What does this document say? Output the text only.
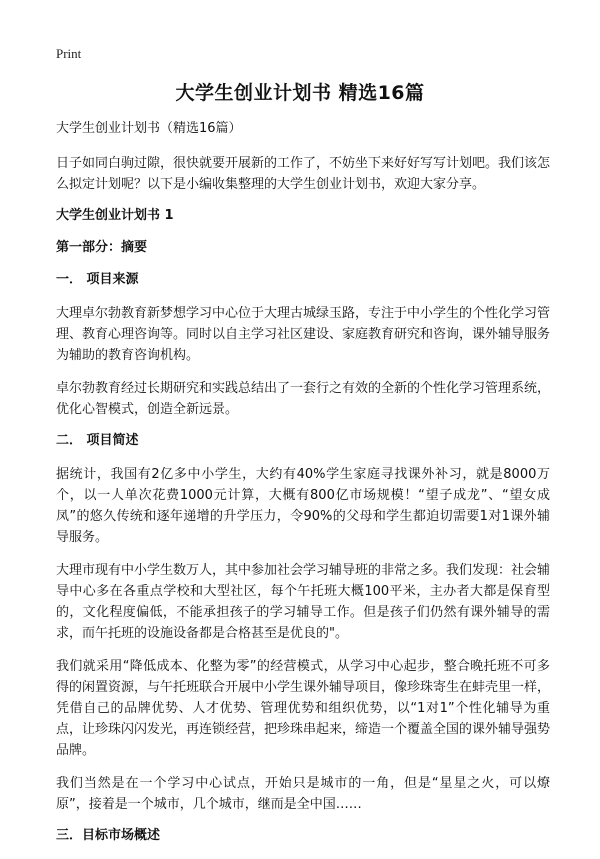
Print
大学生创业计划书 精选16篇
大学生创业计划书（精选16篇）

日子如同白驹过隙，很快就要开展新的工作了，不妨坐下来好好写写计划吧。我们该怎么拟定计划呢？以下是小编收集整理的大学生创业计划书，欢迎大家分享。

大学生创业计划书 1
第一部分：摘要
一． 项目来源

大理卓尔勃教育新梦想学习中心位于大理古城绿玉路，专注于中小学生的个性化学习管理、教育心理咨询等。同时以自主学习社区建设、家庭教育研究和咨询，课外辅导服务为辅助的教育咨询机构。

卓尔勃教育经过长期研究和实践总结出了一套行之有效的全新的个性化学习管理系统，优化心智模式，创造全新远景。

二． 项目简述

据统计，我国有2亿多中小学生，大约有40%学生家庭寻找课外补习，就是8000万个，以一人单次花费1000元计算，大概有800亿市场规模！“望子成龙”、“望女成凤”的悠久传统和逐年递增的升学压力，令90%的父母和学生都迫切需要1对1课外辅导服务。

大理市现有中小学生数万人，其中参加社会学习辅导班的非常之多。我们发现：社会辅导中心多在各重点学校和大型社区，每个午托班大概100平米，主办者大都是保育型的，文化程度偏低，不能承担孩子的学习辅导工作。但是孩子们仍然有课外辅导的需求，而午托班的设施设备都是合格甚至是优良的"。

我们就采用“降低成本、化整为零”的经营模式，从学习中心起步，整合晚托班不可多得的闲置资源，与午托班联合开展中小学生课外辅导项目，像珍珠寄生在蚌壳里一样，凭借自己的品牌优势、人才优势、管理优势和组织优势，以“1对1”个性化辅导为重点，让珍珠闪闪发光，再连锁经营，把珍珠串起来，缔造一个覆盖全国的课外辅导强势品牌。

我们当然是在一个学习中心试点，开始只是城市的一角，但是“星星之火，可以燎原”，接着是一个城市，几个城市，继而是全中国……

三．目标市场概述
